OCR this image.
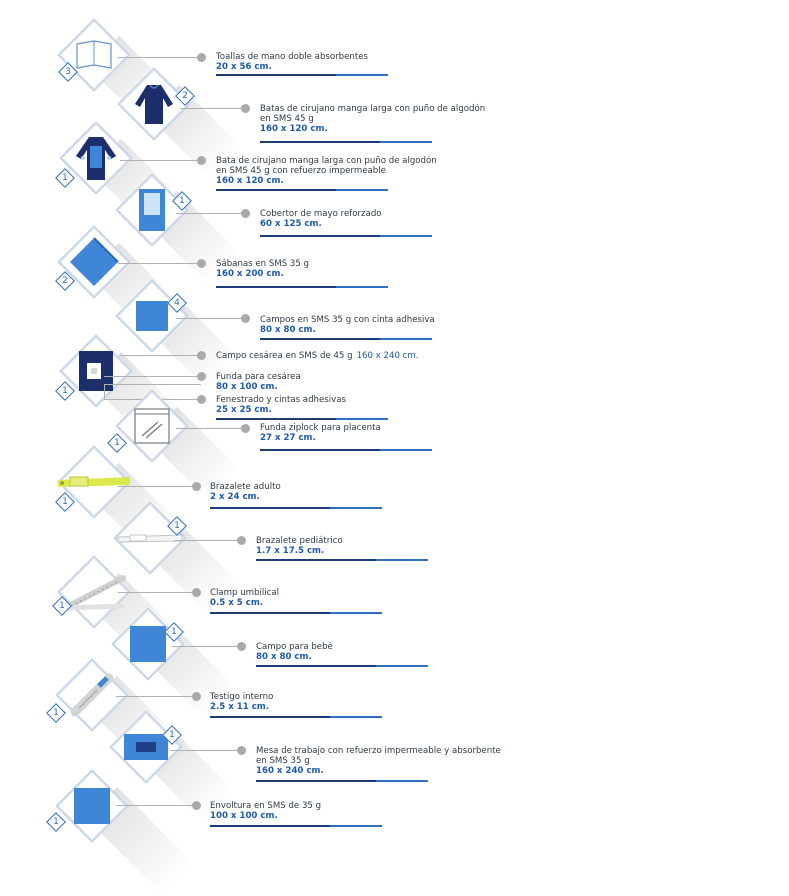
3
Toallas de mano doble absorbentes
20 x 56 cm.
2
Batas de cirujano manga larga con puño de algodón
en SMS 45 g
160 x 120 cm.
1
Bata de cirujano manga larga con puño de algodón
en SMS 45 g con refuerzo impermeable
160 x 120 cm.
1
Cobertor de mayo reforzado
60 x 125 cm.
2
Sábanas en SMS 35 g
160 x 200 cm.
4
Campos en SMS 35 g con cinta adhesiva
80 x 80 cm.
1
Campo cesárea en SMS de 45 g 160 x 240 cm.
Funda para cesárea
80 x 100 cm.
Fenestrado y cintas adhesivas
25 x 25 cm.
1
Funda ziplock para placenta
27 x 27 cm.
1
Brazalete adulto
2 x 24 cm.
1
Brazalete pediátrico
1.7 x 17.5 cm.
1
Clamp umbilical
0.5 x 5 cm.
1
Campo para bebé
80 x 80 cm.
1
Testigo interno
2.5 x 11 cm.
1
Mesa de trabajo con refuerzo impermeable y absorbente
en SMS 35 g
160 x 240 cm.
1
Envoltura en SMS de 35 g
100 x 100 cm.
